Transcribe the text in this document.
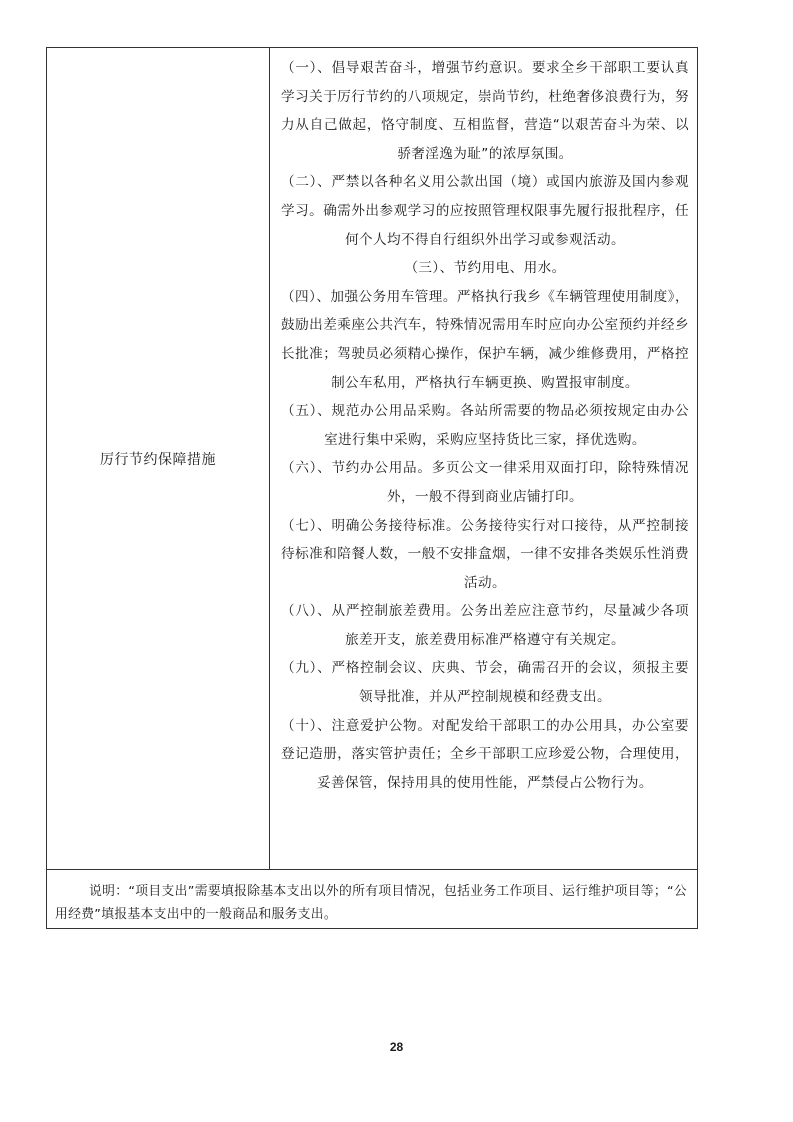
厉行节约保障措施

（一）、倡导艰苦奋斗，增强节约意识。要求全乡干部职工要认真学习关于厉行节约的八项规定，崇尚节约，杜绝奢侈浪费行为，努力从自己做起，恪守制度、互相监督，营造“以艰苦奋斗为荣、以骄奢淫逸为耻”的浓厚氛围。

（二）、严禁以各种名义用公款出国（境）或国内旅游及国内参观学习。确需外出参观学习的应按照管理权限事先履行报批程序，任何个人均不得自行组织外出学习或参观活动。

（三）、节约用电、用水。

（四）、加强公务用车管理。严格执行我乡《车辆管理使用制度》，鼓励出差乘座公共汽车，特殊情况需用车时应向办公室预约并经乡长批准；驾驶员必须精心操作，保护车辆，减少维修费用，严格控制公车私用，严格执行车辆更换、购置报审制度。

（五）、规范办公用品采购。各站所需要的物品必须按规定由办公室进行集中采购，采购应坚持货比三家，择优选购。

（六）、节约办公用品。多页公文一律采用双面打印，除特殊情况外，一般不得到商业店铺打印。

（七）、明确公务接待标准。公务接待实行对口接待，从严控制接待标准和陪餐人数，一般不安排盒烟，一律不安排各类娱乐性消费活动。

（八）、从严控制旅差费用。公务出差应注意节约，尽量减少各项旅差开支，旅差费用标准严格遵守有关规定。

（九）、严格控制会议、庆典、节会，确需召开的会议，须报主要领导批准，并从严控制规模和经费支出。

（十）、注意爱护公物。对配发给干部职工的办公用具，办公室要登记造册，落实管护责任；全乡干部职工应珍爱公物，合理使用，妥善保管，保持用具的使用性能，严禁侵占公物行为。

说明：“项目支出”需要填报除基本支出以外的所有项目情况，包括业务工作项目、运行维护项目等；“公用经费”填报基本支出中的一般商品和服务支出。

28
